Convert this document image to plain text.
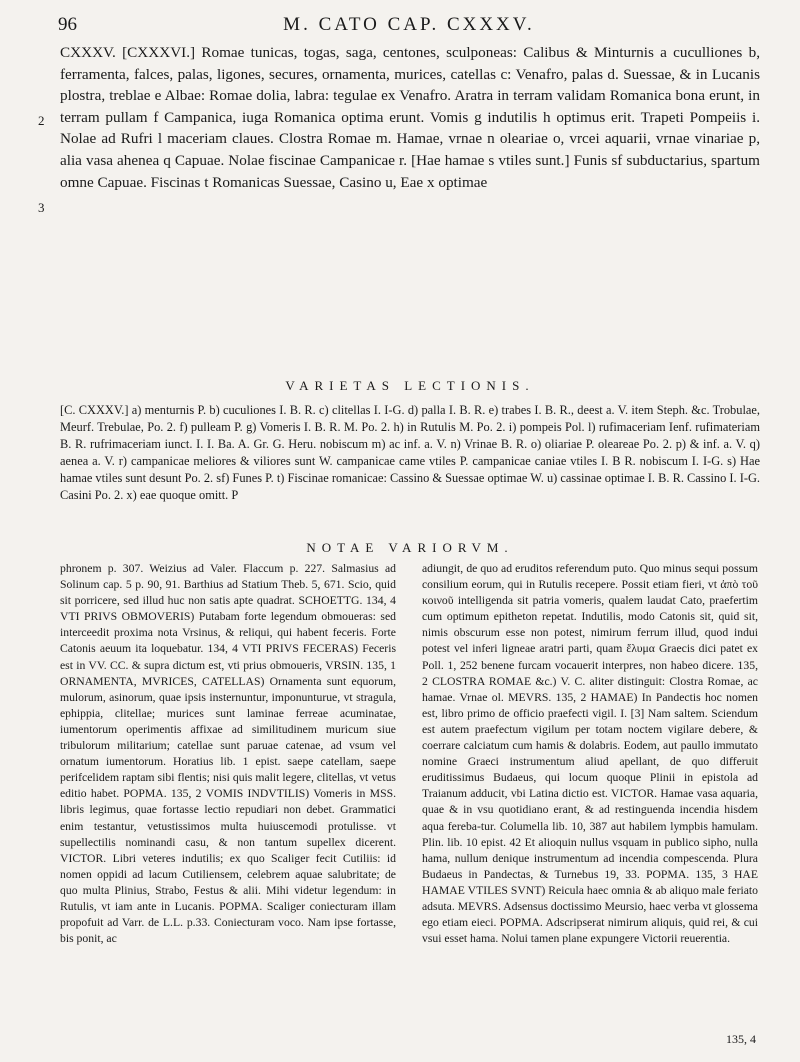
96	M. CATO CAP. CXXXV.
2
3

CXXXV. [CXXXVI.] Romae tunicas, togas, saga, centones, sculponeas: Calibus & Minturnis a cuculliones b, ferramenta, falces, palas, ligones, secures, ornamenta, murices, catellas c: Venafro, palas d. Suessae, & in Lucanis plostra, treblae e Albae: Romae dolia, labra: tegulae ex Venafro. Aratra in terram validam Romanica bona erunt, in terram pullam f Campanica, iuga Romanica optima erunt. Vomis g indutilis h optimus erit. Trapeti Pompeiis i. Nolae ad Rufri l maceriam claues. Clostra Romae m. Hamae, vrnae n oleariae o, vrcei aquarii, vrnae vinariae p, alia vasa ahenea q Capuae. Nolae fiscinae Campanicae r. [Hae hamae s vtiles sunt.] Funis sf subductarius, spartum omne Capuae. Fiscinas t Romanicas Suessae, Casino u, Eae x optimae

VARIETAS LECTIONIS.

[C. CXXXV.] a) menturnis P. b) cuculiones I. B. R. c) clitellas I. I-G. d) palla I. B. R. e) trabes I. B. R., deest a. V. item Steph. &c. Trobulae, Meurf. Trebulae, Po. 2. f) pulleam P. g) Vomeris I. B. R. M. Po. 2. h) in Rutulis M. Po. 2. i) pompeis Pol. l) rufimaceriam Ienf. rufimateriam B. R. rufrimaceriam iunct. I. I. Ba. A. Gr. G. Heru. nobiscum m) ac inf. a. V. n) Vrinae B. R. o) oliariae P. oleareae Po. 2. p) & inf. a. V. q) aenea a. V. r) campanicae meliores & viliores sunt W. campanicae came vtiles P. campanicae caniae vtiles I. B R. nobiscum I. I-G. s) Hae hamae vtiles sunt desunt Po. 2. sf) Funes P. t) Fiscinae romanicae: Cassino & Suessae optimae W. u) cassinae optimae I. B. R. Cassino I. I-G. Casini Po. 2. x) eae quoque omitt. P

NOTAE VARIORVM.

phronem p. 307. Weizius ad Valer. Flaccum p. 227. Salmasius ad Solinum cap. 5 p. 90, 91. Barthius ad Statium Theb. 5, 671. Scio, quid sit porricere, sed illud huc non satis apte quadrat. SCHOETTG. 134, 4 VTI PRIVS OBMOVERIS) Putabam forte legendum obmoueras: sed interceedit proxima nota Vrsinus, & reliqui, qui habent feceris. Forte Catonis aeuum ita loquebatur. 134, 4 VTI PRIVS FECERAS) Feceris est in VV. CC. & supra dictum est, vti prius obmoueris, VRSIN. 135, 1 ORNAMENTA, MVRICES, CATELLAS) Ornamenta sunt equorum, mulorum, asinorum, quae ipsis insternuntur, imponunturue, vt stragula, ephippia, clitellae; murices sunt laminae ferreae acuminatae, iumentorum operimentis affixae ad similitudinem muricum siue tribulorum militarium; catellae sunt paruae catenae, ad vsum vel ornatum iumentorum. Horatius lib. 1 epist. saepe catellam, saepe perifcelidem raptam sibi flentis; nisi quis malit legere, clitellas, vt vetus editio habet. POPMA. 135, 2 VOMIS INDVTILIS) Vomeris in MSS. libris legimus, quae fortasse lectio repudiari non debet. Grammatici enim testantur, vetustissimos multa huiuscemodi protulisse. vt supellectilis nominandi casu, & non tantum supellex dicerent. VICTOR. Libri veteres indutilis; ex quo Scaliger fecit Cutiliis: id nomen oppidi ad lacum Cutiliensem, celebrem aquae salubritate; de quo multa Plinius, Strabo, Festus & alii. Mihi videtur legendum: in Rutulis, vt iam ante in Lucanis. POPMA. Scaliger coniecturam illam propofuit ad Varr. de L.L. p.33. Coniecturam voco. Nam ipse fortasse, bis ponit, ac

adiungit, de quo ad eruditos referendum puto. Quo minus sequi possum consilium eorum, qui in Rutulis recepere. Possit etiam fieri, vt ἀπὸ τοῦ κοινοῦ intelligenda sit patria vomeris, qualem laudat Cato, praefertim cum optimum epitheton repetat. Indutilis, modo Catonis sit, quid sit, nimis obscurum esse non potest, nimirum ferrum illud, quod indui potest vel inferi ligneae aratri parti, quam ἔλυμα Graecis dici patet ex Poll. 1, 252 benene furcam vocauerit interpres, non habeo dicere. 135, 2 CLOSTRA ROMAE &c.) V. C. aliter distinguit: Clostra Romae, ac hamae. Vrnae ol. MEVRS. 135, 2 HAMAE) In Pandectis hoc nomen est, libro primo de officio praefecti vigil. I. [3] Nam saltem. Sciendum est autem praefectum vigilum per totam noctem vigilare debere, & coerrare calciatum cum hamis & dolabris. Eodem, aut paullo immutato nomine Graeci instrumentum aliud apellant, de quo differuit eruditissimus Budaeus, qui locum quoque Plinii in epistola ad Traianum adducit, vbi Latina dictio est. VICTOR. Hamae vasa aquaria, quae & in vsu quotidiano erant, & ad restinguenda incendia hisdem aqua fereba-tur. Columella lib. 10, 387 aut habilem lympbis hamulam. Plin. lib. 10 epist. 42 Et alioquin nullus vsquam in publico sipho, nulla hama, nullum denique instrumentum ad incendia compescenda. Plura Budaeus in Pandectas, & Turnebus 19, 33. POPMA. 135, 3 HAE HAMAE VTILES SVNT) Reicula haec omnia & ab aliquo male feriato adsuta. MEVRS. Adsensus doctissimo Meursio, haec verba vt glossema ego etiam eieci. POPMA. Adscripserat nimirum aliquis, quid rei, & cui vsui esset hama. Nolui tamen plane expungere Victorii reuerentia.

135, 4
